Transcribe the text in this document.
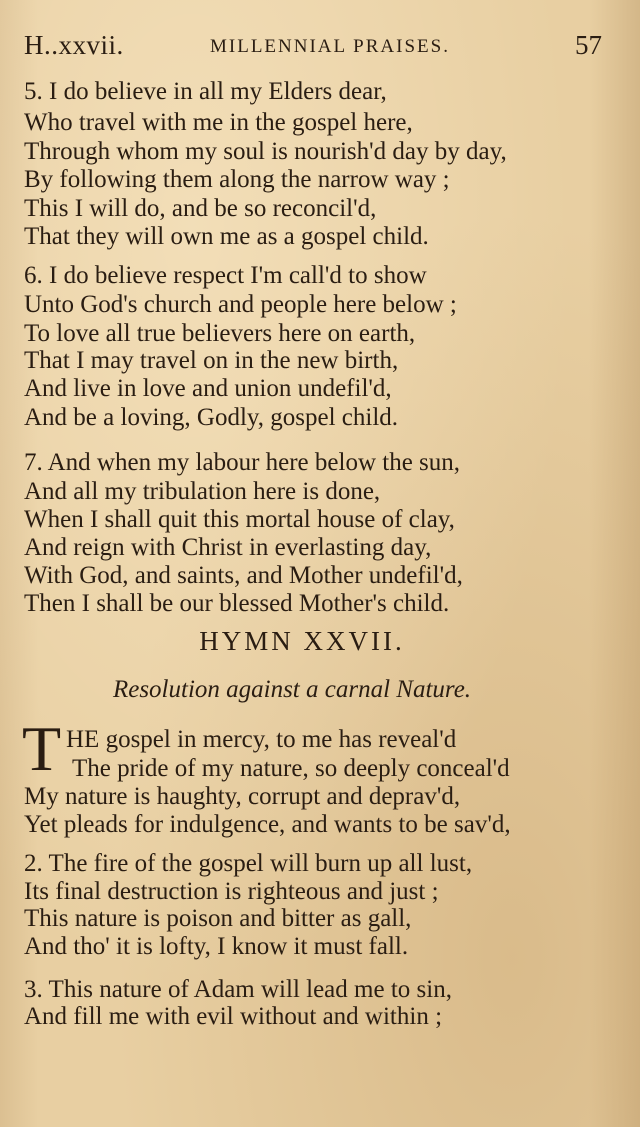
H..xxvii.	MILLENNIAL PRAISES.	57
5. I do believe in all my Elders dear,
Who travel with me in the gospel here,
Through whom my soul is nourish'd day by day,
By following them along the narrow way ;
This I will do, and be so reconcil'd,
That they will own me as a gospel child.
6. I do believe respect I'm call'd to show
Unto God's church and people here below ;
To love all true believers here on earth,
That I may travel on in the new birth,
And live in love and union undefil'd,
And be a loving, Godly, gospel child.
7. And when my labour here below the sun,
And all my tribulation here is done,
When I shall quit this mortal house of clay,
And reign with Christ in everlasting day,
With God, and saints, and Mother undefil'd,
Then I shall be our blessed Mother's child.
HYMN XXVII.
Resolution against a carnal Nature.
T HE gospel in mercy, to me has reveal'd
The pride of my nature, so deeply conceal'd
My nature is haughty, corrupt and deprav'd,
Yet pleads for indulgence, and wants to be sav'd,
2. The fire of the gospel will burn up all lust,
Its final destruction is righteous and just ;
This nature is poison and bitter as gall,
And tho' it is lofty, I know it must fall.
3. This nature of Adam will lead me to sin,
And fill me with evil without and within ;
